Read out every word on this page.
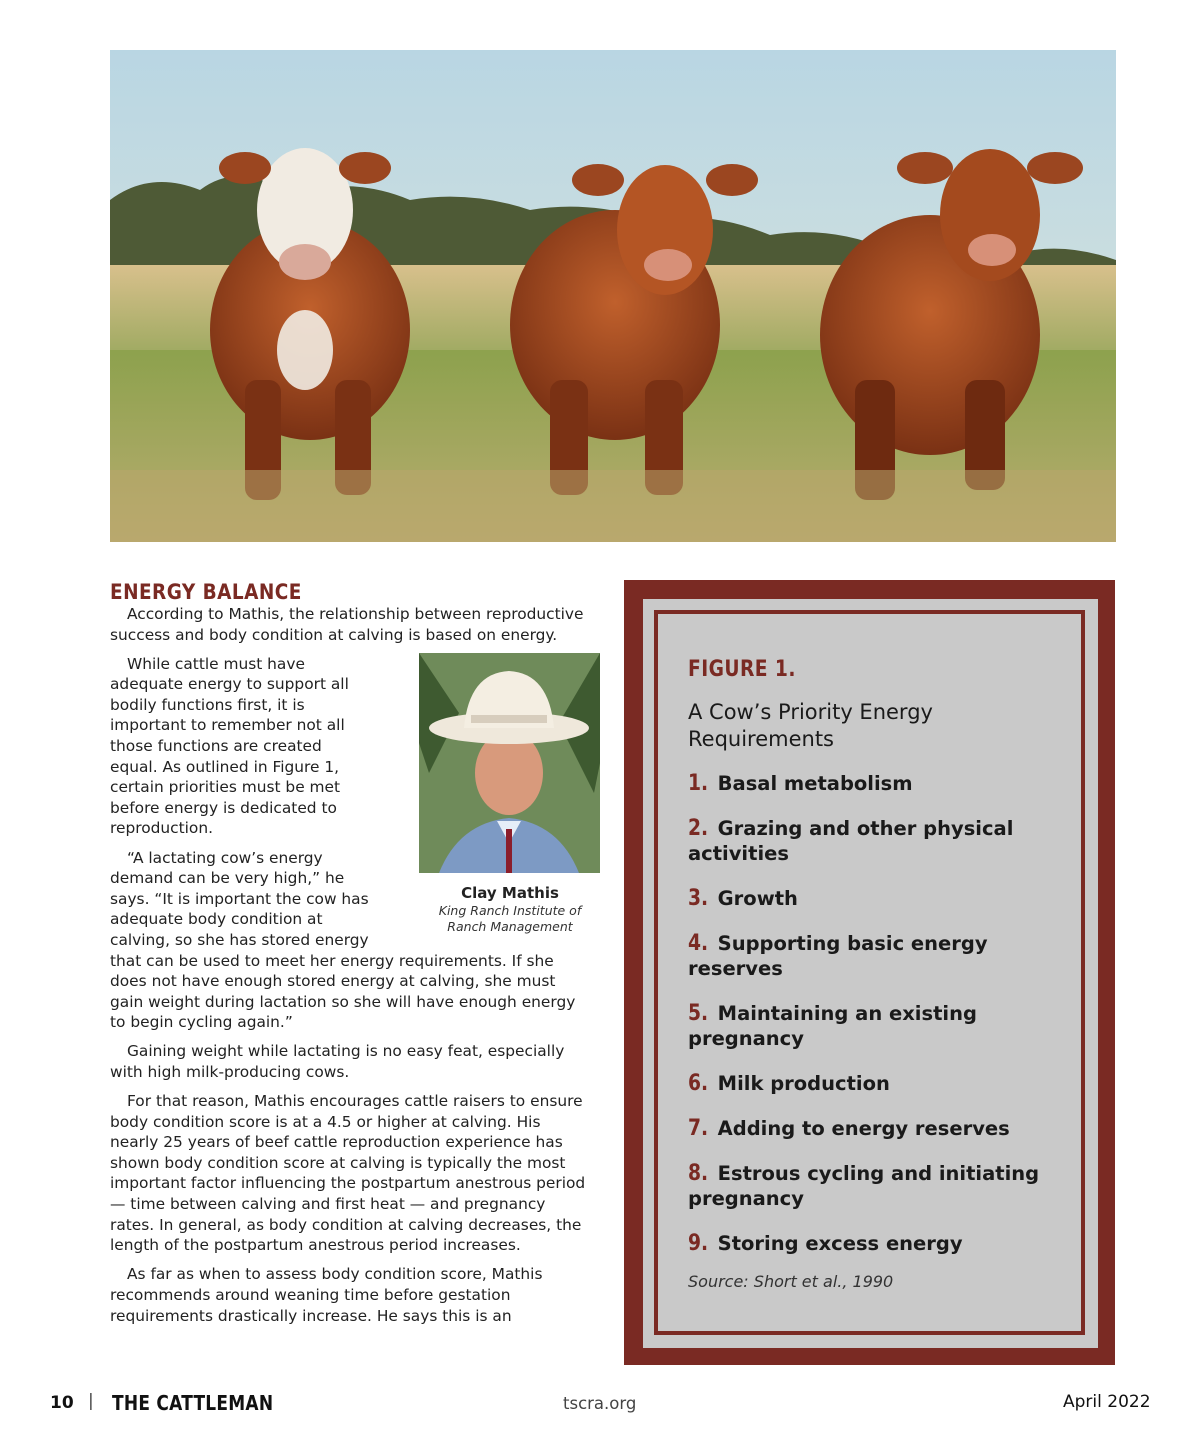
ENERGY BALANCE

According to Mathis, the relationship between reproductive success and body condition at calving is based on energy.

While cattle must have adequate energy to support all bodily functions first, it is important to remember not all those functions are created equal. As outlined in Figure 1, certain priorities must be met before energy is dedicated to reproduction.

“A lactating cow’s energy demand can be very high,” he says. “It is important the cow has adequate body condition at calving, so she has stored energy

that can be used to meet her energy requirements. If she does not have enough stored energy at calving, she must gain weight during lactation so she will have enough energy to begin cycling again.”

Gaining weight while lactating is no easy feat, especially with high milk-producing cows.

For that reason, Mathis encourages cattle raisers to ensure body condition score is at a 4.5 or higher at calving. His nearly 25 years of beef cattle reproduction experience has shown body condition score at calving is typically the most important factor influencing the postpartum anestrous period — time between calving and first heat — and pregnancy rates. In general, as body condition at calving decreases, the length of the postpartum anestrous period increases.

As far as when to assess body condition score, Mathis recommends around weaning time before gestation requirements drastically increase. He says this is an

Clay Mathis
King Ranch Institute of
Ranch Management
FIGURE 1.
A Cow’s Priority Energy Requirements
1. Basal metabolism
2. Grazing and other physical activities
3. Growth
4. Supporting basic energy reserves
5. Maintaining an existing pregnancy
6. Milk production
7. Adding to energy reserves
8. Estrous cycling and initiating pregnancy
9. Storing excess energy
Source: Short et al., 1990
10 | THE CATTLEMAN	tscra.org	April 2022
